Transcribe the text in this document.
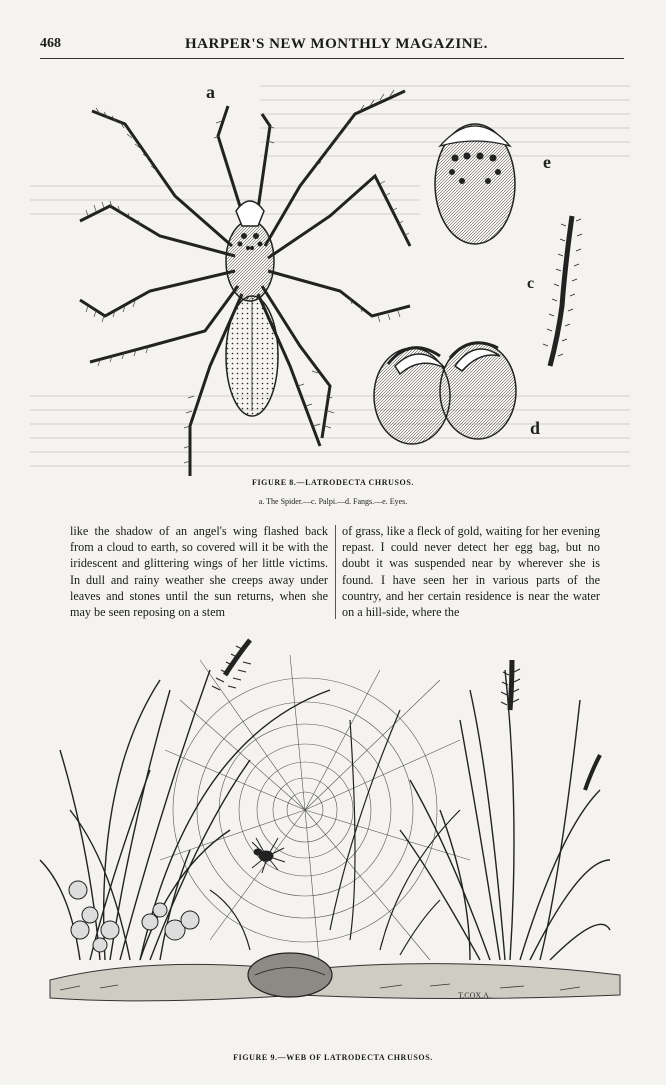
468	HARPER'S NEW MONTHLY MAGAZINE.
a
e
c
d
FIGURE 8.—LATRODECTA CHRUSOS.
a. The Spider.—c. Palpi.—d. Fangs.—e. Eyes.
like the shadow of an angel's wing flashed back from a cloud to earth, so covered will it be with the iridescent and glittering wings of her little victims. In dull and rainy weather she creeps away under leaves and stones until the sun returns, when she may be seen reposing on a stem
of grass, like a fleck of gold, waiting for her evening repast. I could never detect her egg bag, but no doubt it was suspended near by wherever she is found. I have seen her in various parts of the country, and her certain residence is near the water on a hill-side, where the
T.COX.A.
FIGURE 9.—WEB OF LATRODECTA CHRUSOS.
